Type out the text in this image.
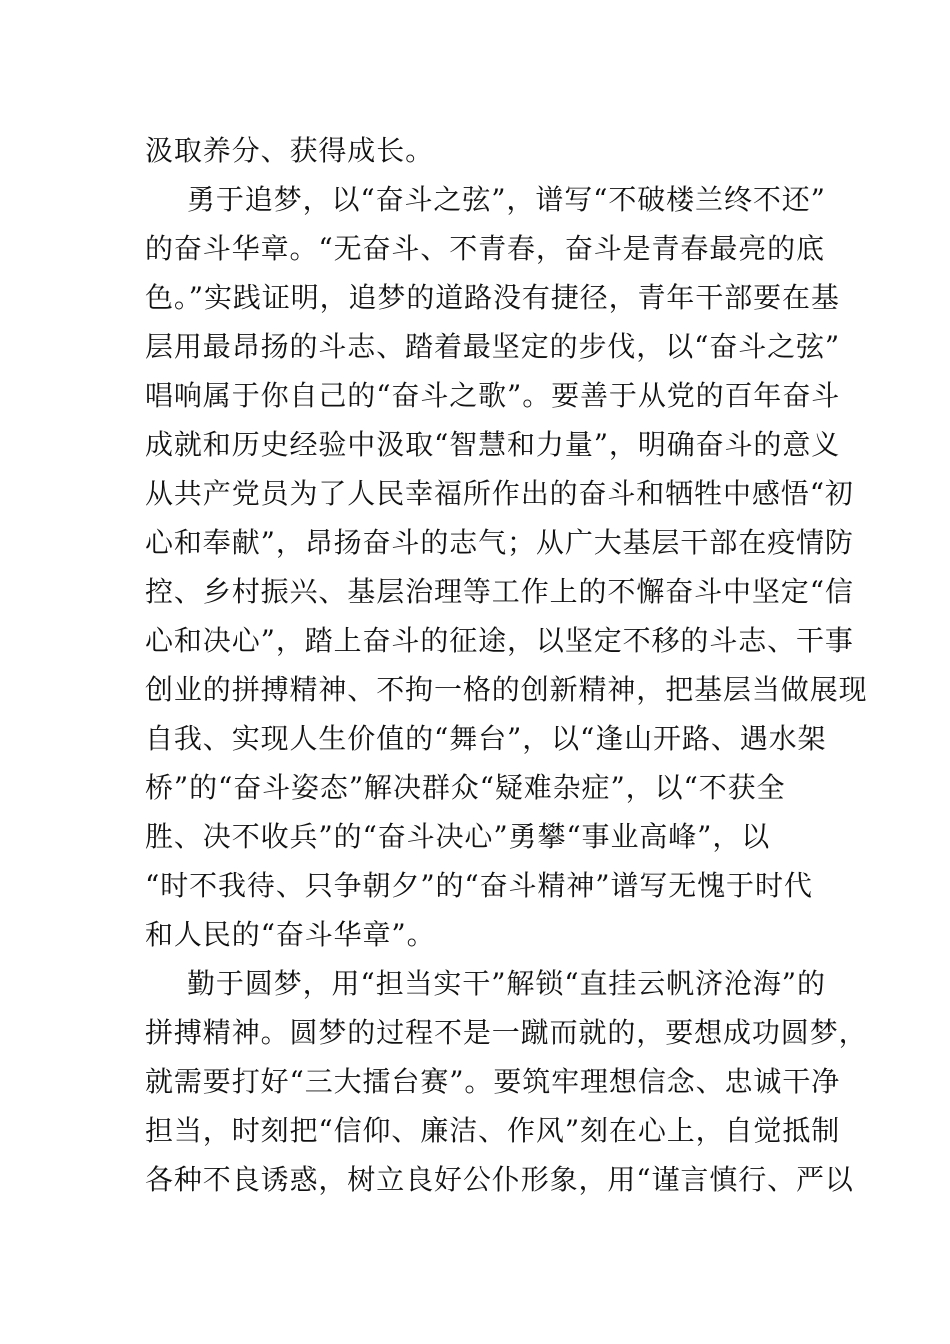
汲取养分、获得成长。
勇于追梦，以“奋斗之弦”，谱写“不破楼兰终不还”
的奋斗华章。“无奋斗、不青春，奋斗是青春最亮的底
色。”实践证明，追梦的道路没有捷径，青年干部要在基
层用最昂扬的斗志、踏着最坚定的步伐，以“奋斗之弦”
唱响属于你自己的“奋斗之歌”。要善于从党的百年奋斗
成就和历史经验中汲取“智慧和力量”，明确奋斗的意义
从共产党员为了人民幸福所作出的奋斗和牺牲中感悟“初
心和奉献”，昂扬奋斗的志气；从广大基层干部在疫情防
控、乡村振兴、基层治理等工作上的不懈奋斗中坚定“信
心和决心”，踏上奋斗的征途，以坚定不移的斗志、干事
创业的拼搏精神、不拘一格的创新精神，把基层当做展现
自我、实现人生价值的“舞台”，以“逢山开路、遇水架
桥”的“奋斗姿态”解决群众“疑难杂症”，以“不获全
胜、决不收兵”的“奋斗决心”勇攀“事业高峰”，以
“时不我待、只争朝夕”的“奋斗精神”谱写无愧于时代
和人民的“奋斗华章”。
勤于圆梦，用“担当实干”解锁“直挂云帆济沧海”的
拼搏精神。圆梦的过程不是一蹴而就的，要想成功圆梦，
就需要打好“三大擂台赛”。要筑牢理想信念、忠诚干净
担当，时刻把“信仰、廉洁、作风”刻在心上，自觉抵制
各种不良诱惑，树立良好公仆形象，用“谨言慎行、严以
